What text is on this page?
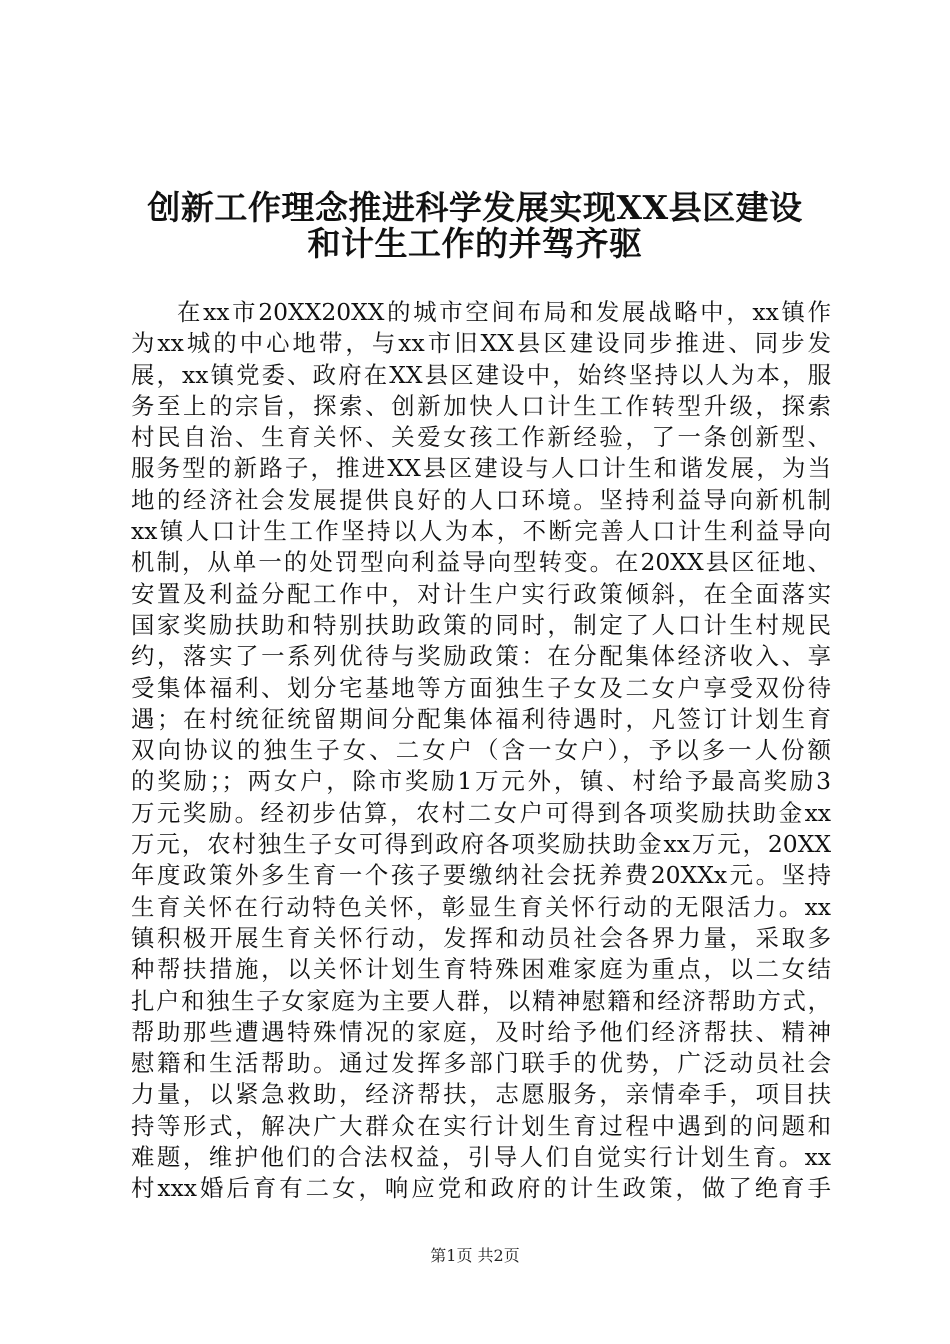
创新工作理念推进科学发展实现XX县区建设
和计生工作的并驾齐驱
在xx市20XX20XX的城市空间布局和发展战略中，xx镇作
为xx城的中心地带，与xx市旧XX县区建设同步推进、同步发
展，xx镇党委、政府在XX县区建设中，始终坚持以人为本，服
务至上的宗旨，探索、创新加快人口计生工作转型升级，探索
村民自治、生育关怀、关爱女孩工作新经验，了一条创新型、
服务型的新路子，推进XX县区建设与人口计生和谐发展，为当
地的经济社会发展提供良好的人口环境。坚持利益导向新机制
xx镇人口计生工作坚持以人为本，不断完善人口计生利益导向
机制，从单一的处罚型向利益导向型转变。在20XX县区征地、
安置及利益分配工作中，对计生户实行政策倾斜，在全面落实
国家奖励扶助和特别扶助政策的同时，制定了人口计生村规民
约，落实了一系列优待与奖励政策：在分配集体经济收入、享
受集体福利、划分宅基地等方面独生子女及二女户享受双份待
遇；在村统征统留期间分配集体福利待遇时，凡签订计划生育
双向协议的独生子女、二女户（含一女户），予以多一人份额
的奖励；；两女户，除市奖励1万元外，镇、村给予最高奖励3
万元奖励。经初步估算，农村二女户可得到各项奖励扶助金xx
万元，农村独生子女可得到政府各项奖励扶助金xx万元，20XX
年度政策外多生育一个孩子要缴纳社会抚养费20XXx元。坚持
生育关怀在行动特色关怀，彰显生育关怀行动的无限活力。xx
镇积极开展生育关怀行动，发挥和动员社会各界力量，采取多
种帮扶措施，以关怀计划生育特殊困难家庭为重点，以二女结
扎户和独生子女家庭为主要人群，以精神慰籍和经济帮助方式，
帮助那些遭遇特殊情况的家庭，及时给予他们经济帮扶、精神
慰籍和生活帮助。通过发挥多部门联手的优势，广泛动员社会
力量，以紧急救助，经济帮扶，志愿服务，亲情牵手，项目扶
持等形式，解决广大群众在实行计划生育过程中遇到的问题和
难题，维护他们的合法权益，引导人们自觉实行计划生育。xx
村xxx婚后育有二女，响应党和政府的计生政策，做了绝育手
第1页 共2页
